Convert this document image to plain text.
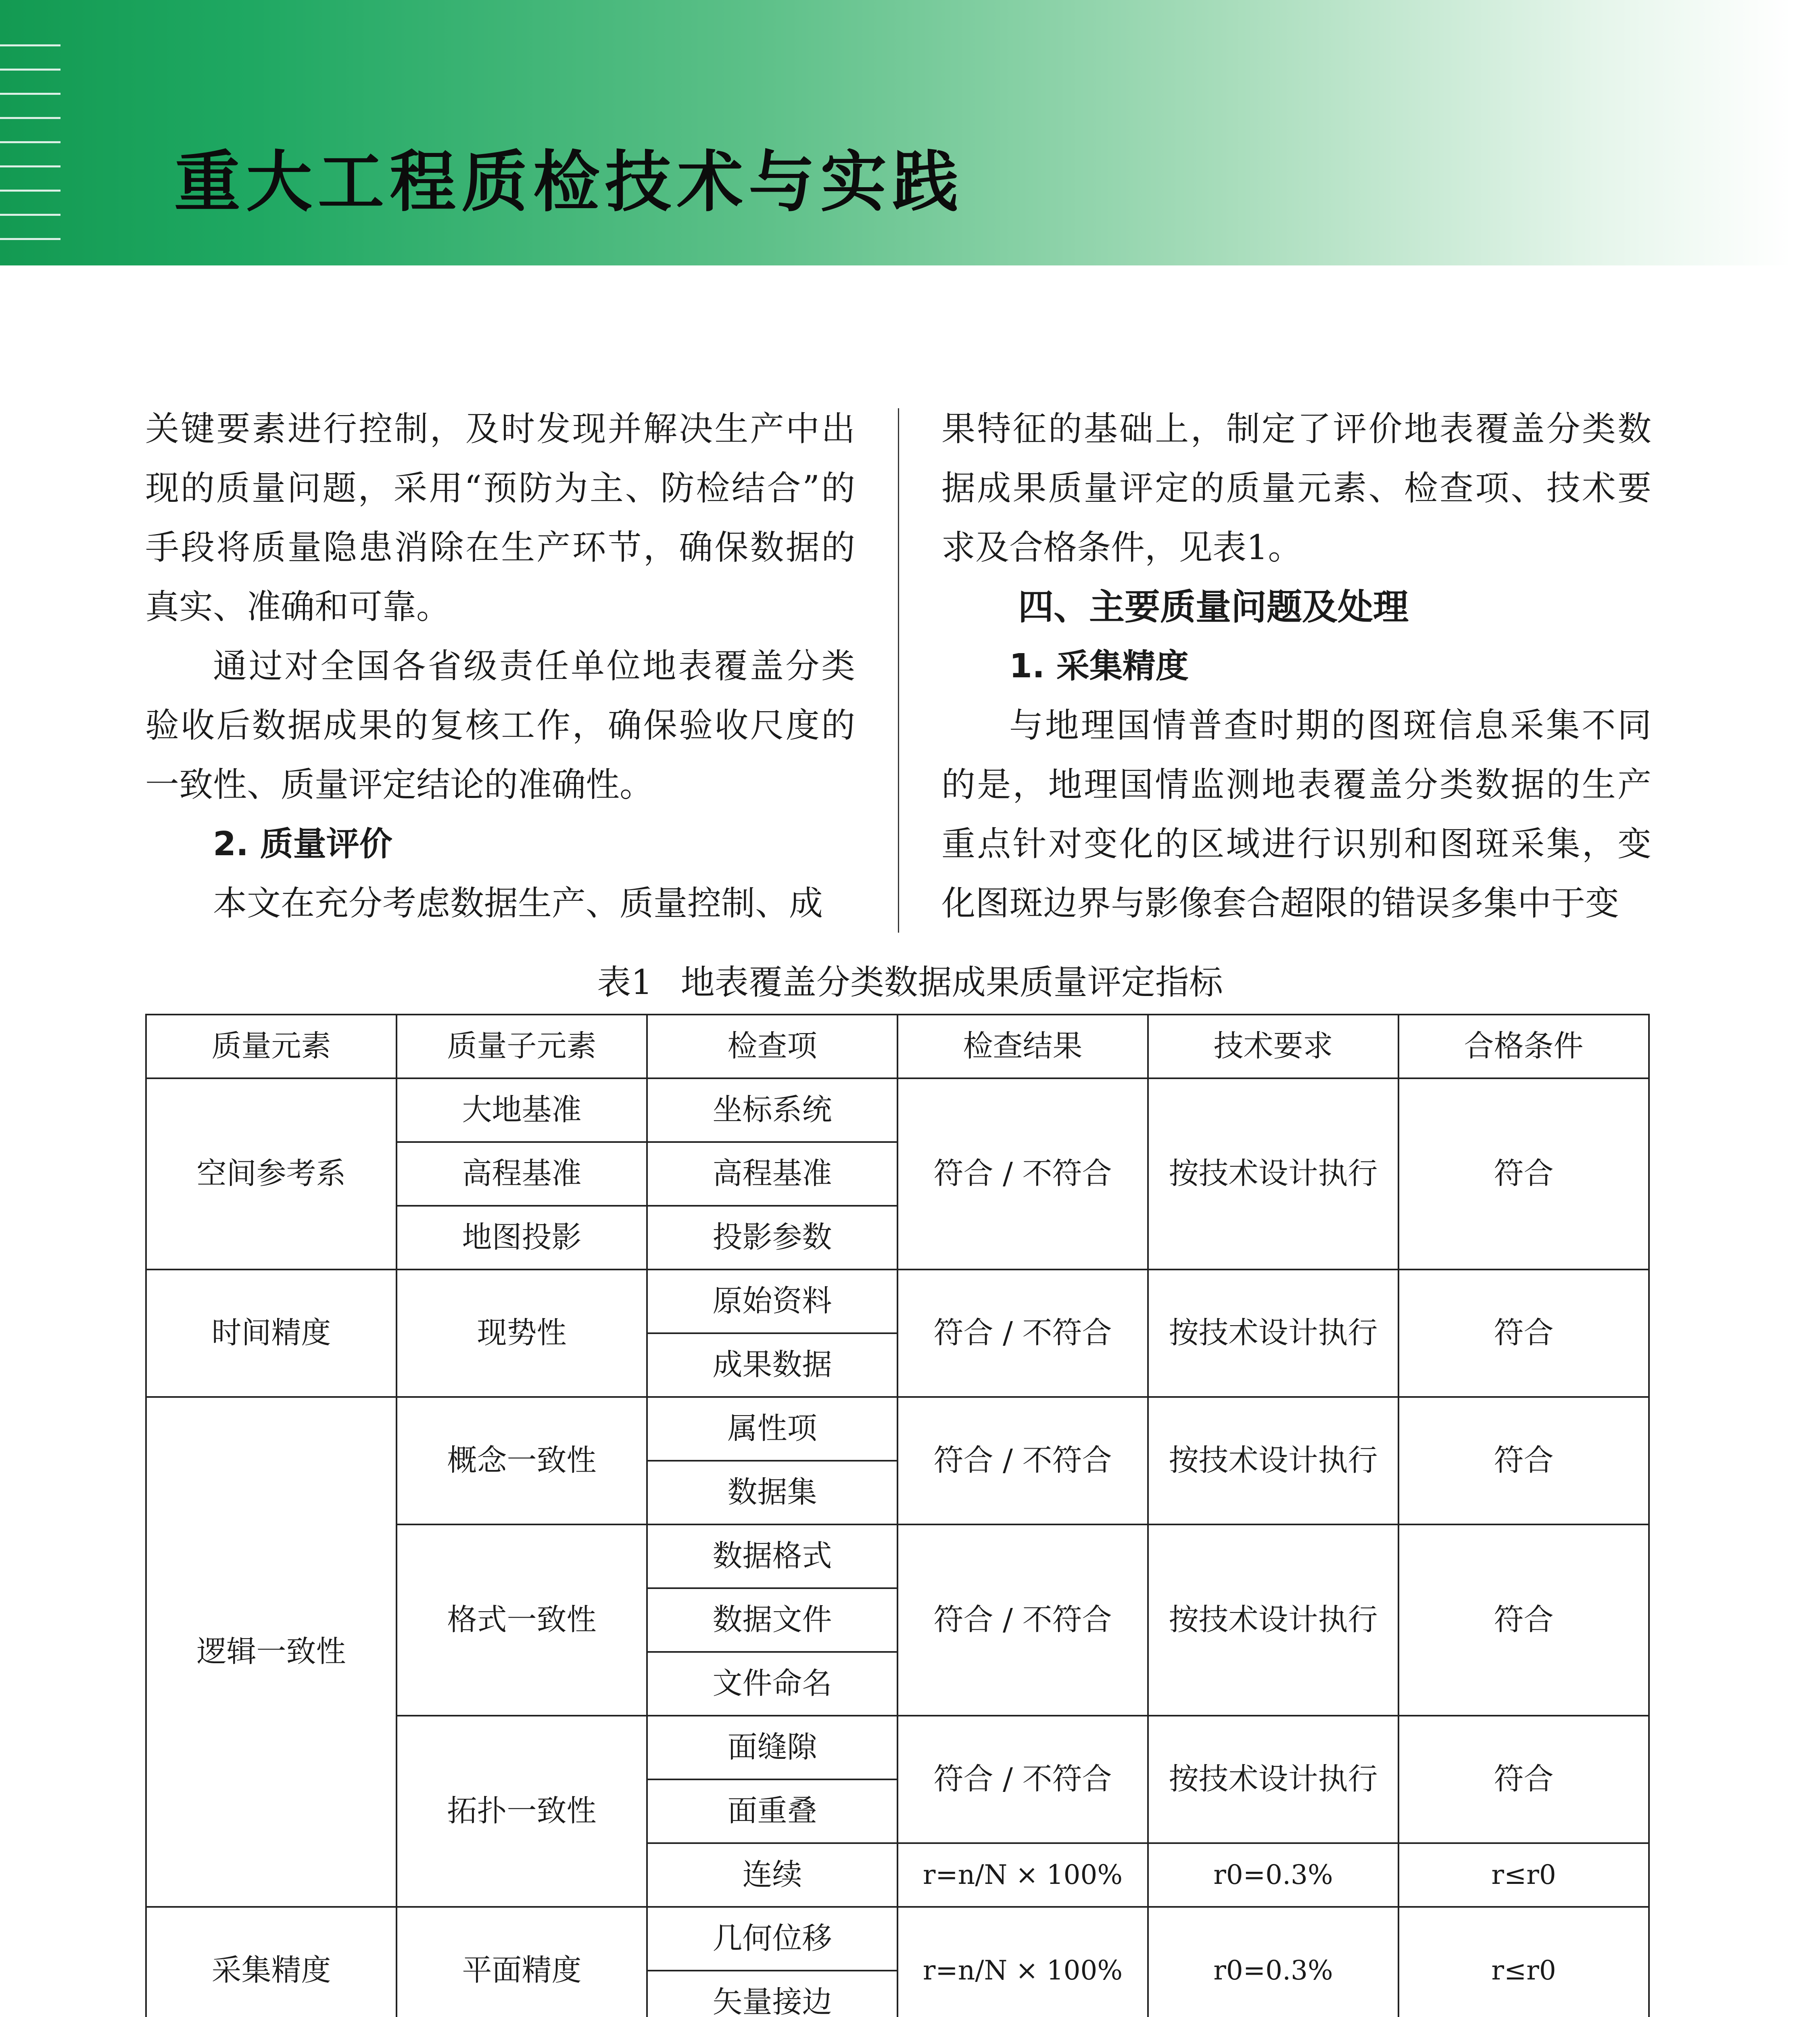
重大工程质检技术与实践

关键要素进行控制，及时发现并解决生产中出现的质量问题，采用“预防为主、防检结合”的手段将质量隐患消除在生产环节，确保数据的真实、准确和可靠。

通过对全国各省级责任单位地表覆盖分类验收后数据成果的复核工作，确保验收尺度的一致性、质量评定结论的准确性。

2. 质量评价

本文在充分考虑数据生产、质量控制、成

果特征的基础上，制定了评价地表覆盖分类数据成果质量评定的质量元素、检查项、技术要求及合格条件，见表1。

四、主要质量问题及处理

1. 采集精度

与地理国情普查时期的图斑信息采集不同的是，地理国情监测地表覆盖分类数据的生产重点针对变化的区域进行识别和图斑采集，变化图斑边界与影像套合超限的错误多集中于变

表1 地表覆盖分类数据成果质量评定指标
质量元素	质量子元素	检查项	检查结果	技术要求	合格条件
空间参考系	大地基准	坐标系统	符合 / 不符合	按技术设计执行	符合
	高程基准	高程基准			
	地图投影	投影参数			
时间精度	现势性	原始资料	符合 / 不符合	按技术设计执行	符合
		成果数据			
逻辑一致性	概念一致性	属性项	符合 / 不符合	按技术设计执行	符合
		数据集			
	格式一致性	数据格式	符合 / 不符合	按技术设计执行	符合
		数据文件			
		文件命名			
	拓扑一致性	面缝隙	符合 / 不符合	按技术设计执行	符合
		面重叠			
		连续	r=n/N × 100%	r0=0.3%	r≤r0
采集精度	平面精度	几何位移	r=n/N × 100%	r0=0.3%	r≤r0
		矢量接边			
